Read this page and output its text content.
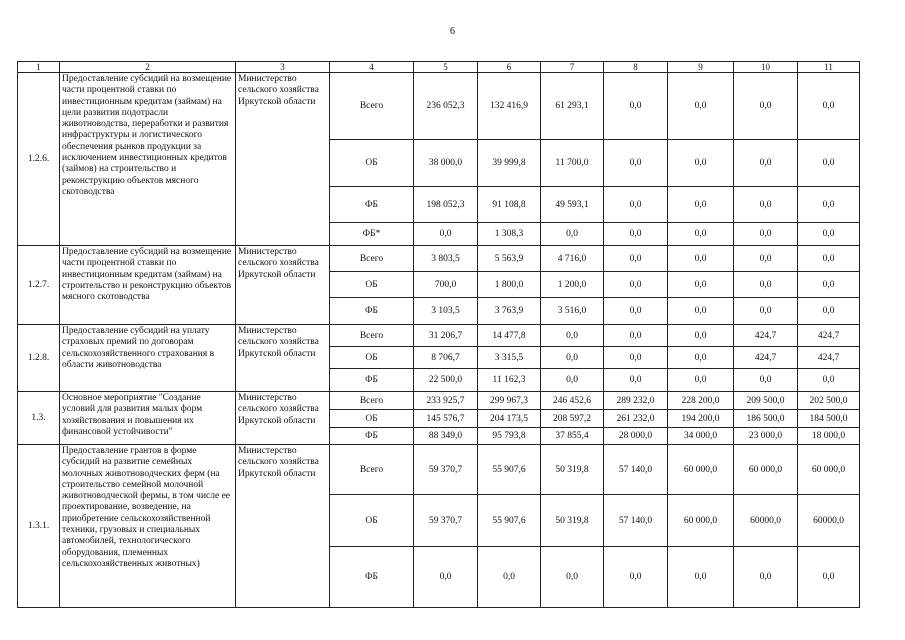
6
1	2	3	4	5	6	7	8	9	10	11
1.2.6.	Предоставление субсидий на возмещение части процентной ставки по инвестиционным кредитам (займам) на цели развития подотрасли животноводства, переработки и развития инфраструктуры и логистического обеспечения рынков продукции за исключением инвестиционных кредитов (займов) на строительство и реконструкцию объектов мясного скотоводства	Министерство сельского хозяйства Иркутской области	Всего	236 052,3	132 416,9	61 293,1	0,0	0,0	0,0	0,0
			ОБ	38 000,0	39 999,8	11 700,0	0,0	0,0	0,0	0,0
			ФБ	198 052,3	91 108,8	49 593,1	0,0	0,0	0,0	0,0
			ФБ*	0,0	1 308,3	0,0	0,0	0,0	0,0	0,0
1.2.7.	Предоставление субсидий на возмещение части процентной ставки по инвестиционным кредитам (займам) на строительство и реконструкцию объектов мясного скотоводства	Министерство сельского хозяйства Иркутской области	Всего	3 803,5	5 563,9	4 716,0	0,0	0,0	0,0	0,0
			ОБ	700,0	1 800,0	1 200,0	0,0	0,0	0,0	0,0
			ФБ	3 103,5	3 763,9	3 516,0	0,0	0,0	0,0	0,0
1.2.8.	Предоставление субсидий на уплату страховых премий по договорам сельскохозяйственного страхования в области животноводства	Министерство сельского хозяйства Иркутской области	Всего	31 206,7	14 477,8	0,0	0,0	0,0	424,7	424,7
			ОБ	8 706,7	3 315,5	0,0	0,0	0,0	424,7	424,7
			ФБ	22 500,0	11 162,3	0,0	0,0	0,0	0,0	0,0
1.3.	Основное мероприятие "Создание условий для развития малых форм хозяйствования и повышения их финансовой устойчивости"	Министерство сельского хозяйства Иркутской области	Всего	233 925,7	299 967,3	246 452,6	289 232,0	228 200,0	209 500,0	202 500,0
			ОБ	145 576,7	204 173,5	208 597,2	261 232,0	194 200,0	186 500,0	184 500,0
			ФБ	88 349,0	95 793,8	37 855,4	28 000,0	34 000,0	23 000,0	18 000,0
1.3.1.	Предоставление грантов в форме субсидий на развитие семейных молочных животноводческих ферм (на строительство семейной молочной животноводческой фермы, в том числе ее проектирование, возведение, на приобретение сельскохозяйственной техники, грузовых и специальных автомобилей, технологического оборудования, племенных сельскохозяйственных животных)	Министерство сельского хозяйства Иркутской области	Всего	59 370,7	55 907,6	50 319,8	57 140,0	60 000,0	60 000,0	60 000,0
			ОБ	59 370,7	55 907,6	50 319,8	57 140,0	60 000,0	60000,0	60000,0
			ФБ	0,0	0,0	0,0	0,0	0,0	0,0	0,0
